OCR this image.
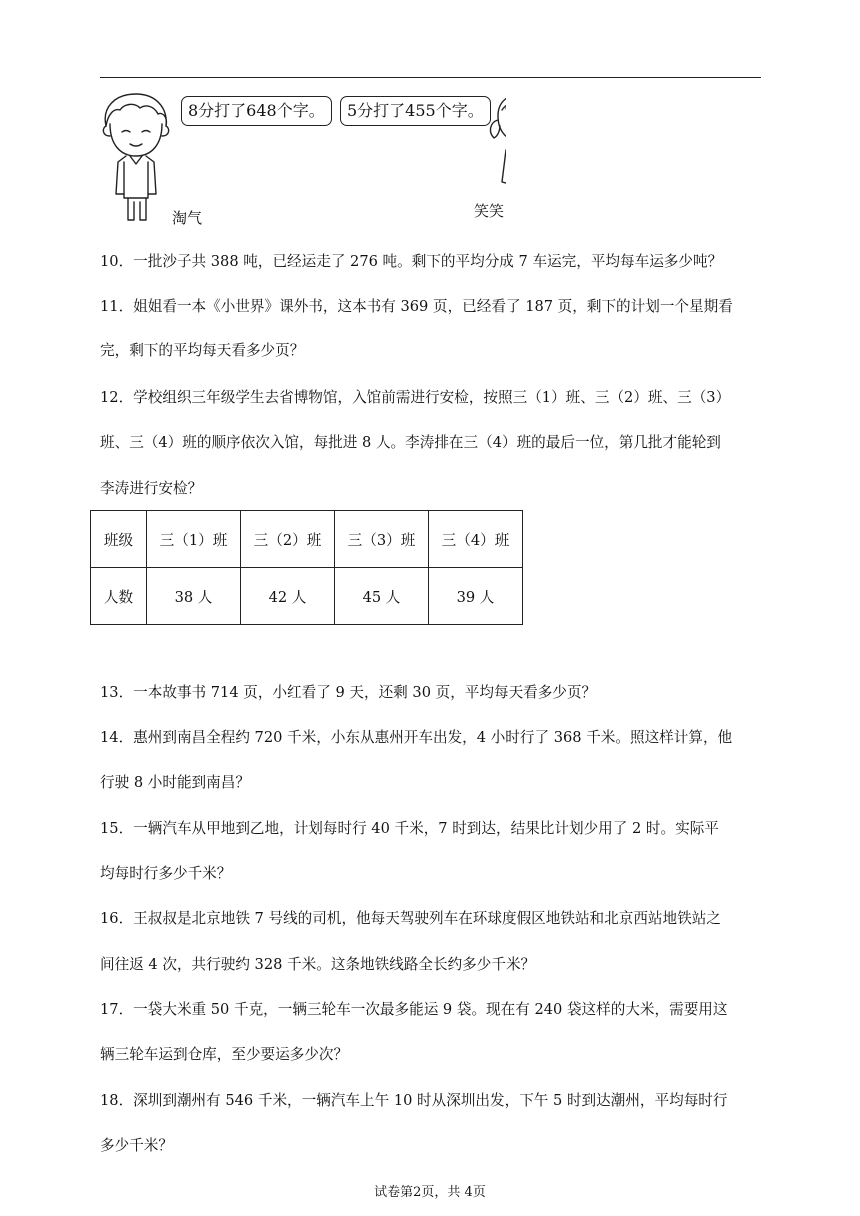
8分打了648个字。	5分打了455个字。
淘气	笑笑
10．一批沙子共 388 吨，已经运走了 276 吨。剩下的平均分成 7 车运完，平均每车运多少吨？
11．姐姐看一本《小世界》课外书，这本书有 369 页，已经看了 187 页，剩下的计划一个星期看
完，剩下的平均每天看多少页？
12．学校组织三年级学生去省博物馆，入馆前需进行安检，按照三（1）班、三（2）班、三（3）
班、三（4）班的顺序依次入馆，每批进 8 人。李涛排在三（4）班的最后一位，第几批才能轮到
李涛进行安检？
班级	三（1）班	三（2）班	三（3）班	三（4）班
人数	38 人	42 人	45 人	39 人
13．一本故事书 714 页，小红看了 9 天，还剩 30 页，平均每天看多少页？
14．惠州到南昌全程约 720 千米，小东从惠州开车出发，4 小时行了 368 千米。照这样计算，他
行驶 8 小时能到南昌？
15．一辆汽车从甲地到乙地，计划每时行 40 千米，7 时到达，结果比计划少用了 2 时。实际平
均每时行多少千米？
16．王叔叔是北京地铁 7 号线的司机，他每天驾驶列车在环球度假区地铁站和北京西站地铁站之
间往返 4 次，共行驶约 328 千米。这条地铁线路全长约多少千米？
17．一袋大米重 50 千克，一辆三轮车一次最多能运 9 袋。现在有 240 袋这样的大米，需要用这
辆三轮车运到仓库，至少要运多少次？
18．深圳到潮州有 546 千米，一辆汽车上午 10 时从深圳出发，下午 5 时到达潮州，平均每时行
多少千米？
试卷第2页，共 4页
